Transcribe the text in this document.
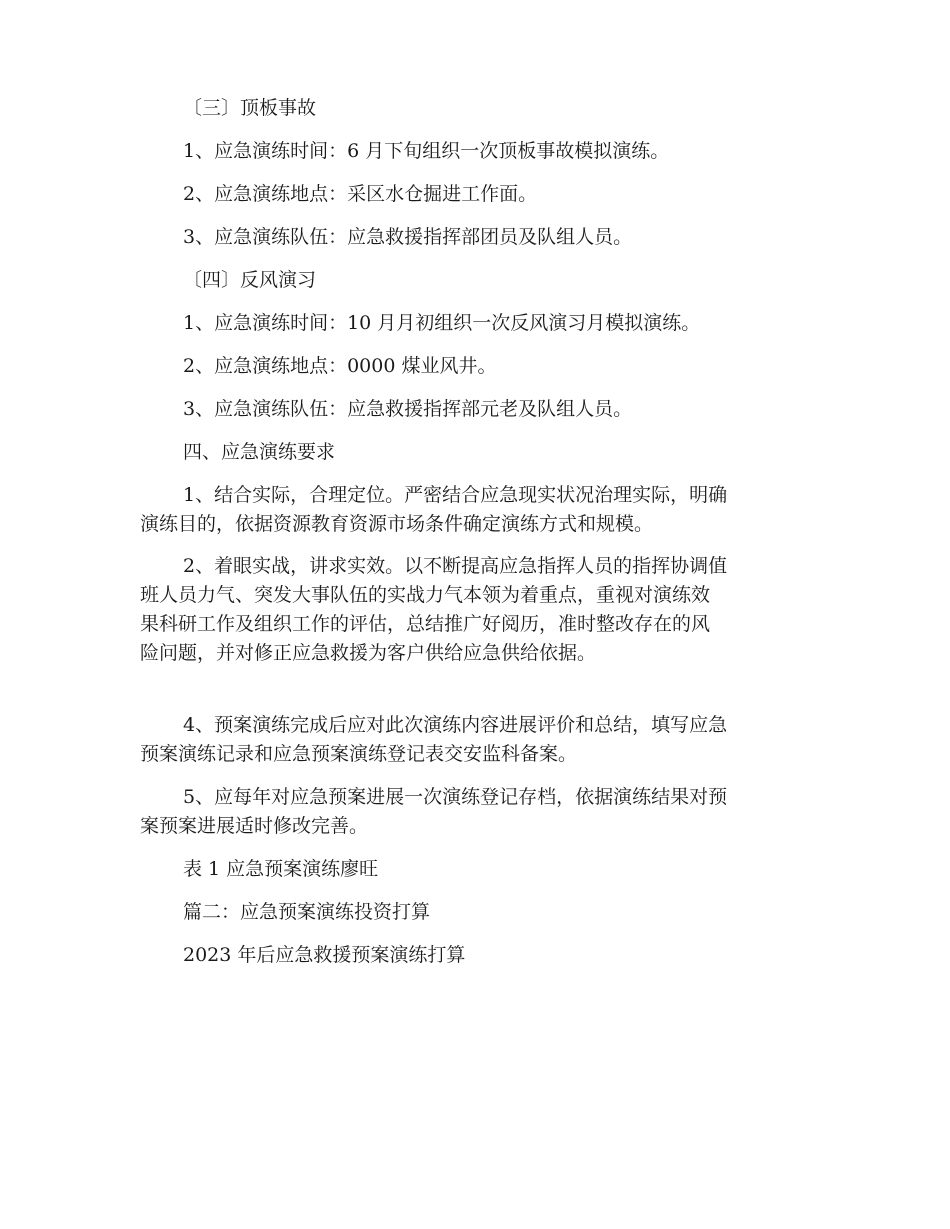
〔三〕顶板事故

1、应急演练时间：6 月下旬组织一次顶板事故模拟演练。

2、应急演练地点：采区水仓掘进工作面。

3、应急演练队伍：应急救援指挥部团员及队组人员。

〔四〕反风演习

1、应急演练时间：10 月月初组织一次反风演习月模拟演练。

2、应急演练地点：0000 煤业风井。

3、应急演练队伍：应急救援指挥部元老及队组人员。

四、应急演练要求

1、结合实际，合理定位。严密结合应急现实状况治理实际，明确
演练目的，依据资源教育资源市场条件确定演练方式和规模。

2、着眼实战，讲求实效。以不断提高应急指挥人员的指挥协调值
班人员力气、突发大事队伍的实战力气本领为着重点，重视对演练效
果科研工作及组织工作的评估，总结推广好阅历，准时整改存在的风
险问题，并对修正应急救援为客户供给应急供给依据。

4、预案演练完成后应对此次演练内容进展评价和总结，填写应急
预案演练记录和应急预案演练登记表交安监科备案。

5、应每年对应急预案进展一次演练登记存档，依据演练结果对预
案预案进展适时修改完善。

表 1 应急预案演练廖旺

篇二：应急预案演练投资打算

2023 年后应急救援预案演练打算
